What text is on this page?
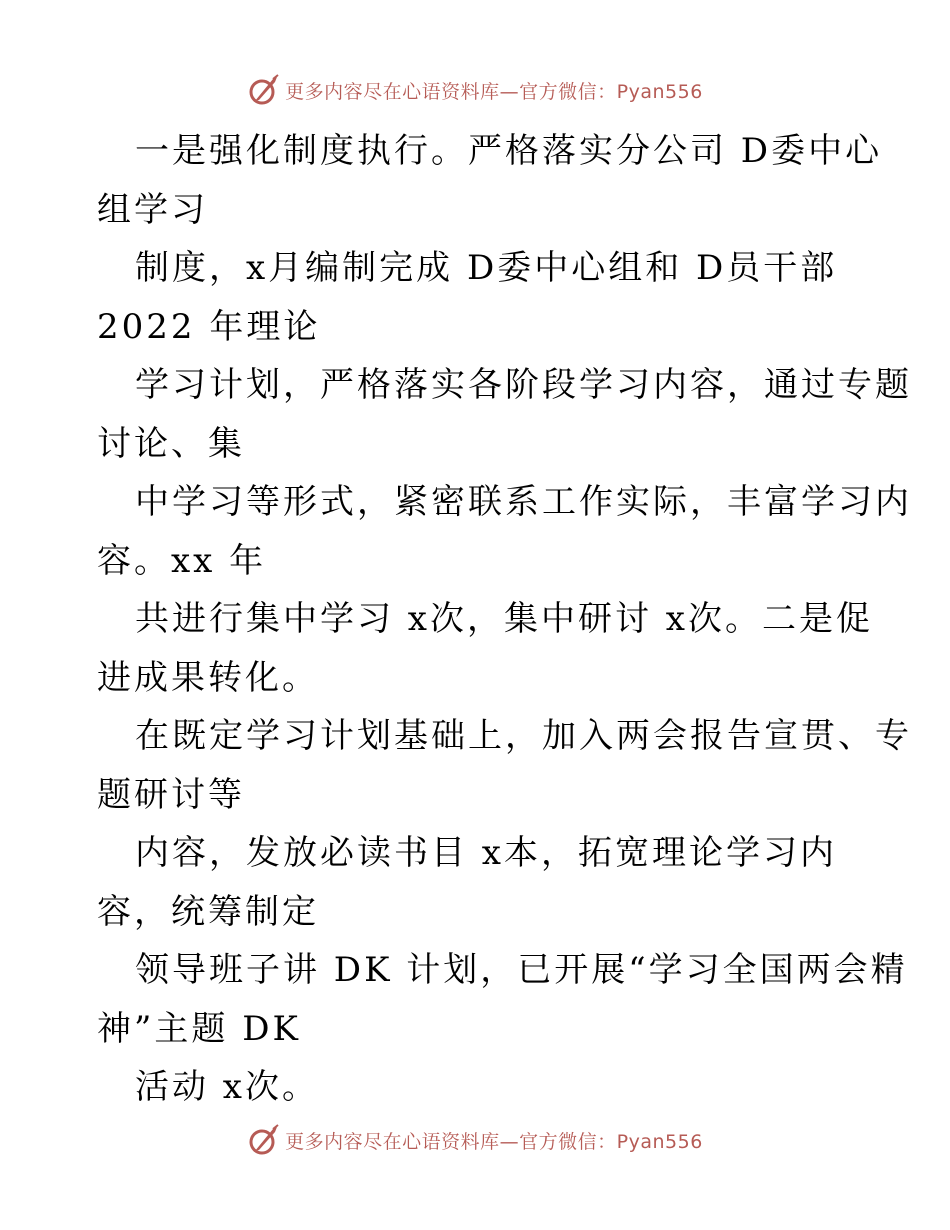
更多内容尽在心语资料库—官方微信：Pyan556
一是强化制度执行。严格落实分公司 D委中心
组学习
制度，x月编制完成 D委中心组和 D员干部
2022 年理论
学习计划，严格落实各阶段学习内容，通过专题
讨论、集
中学习等形式，紧密联系工作实际，丰富学习内
容。xx 年
共进行集中学习 x次，集中研讨 x次。二是促
进成果转化。
在既定学习计划基础上，加入两会报告宣贯、专
题研讨等
内容，发放必读书目 x本，拓宽理论学习内
容，统筹制定
领导班子讲 DK 计划，已开展“学习全国两会精
神”主题 DK
活动 x次。
更多内容尽在心语资料库—官方微信：Pyan556
